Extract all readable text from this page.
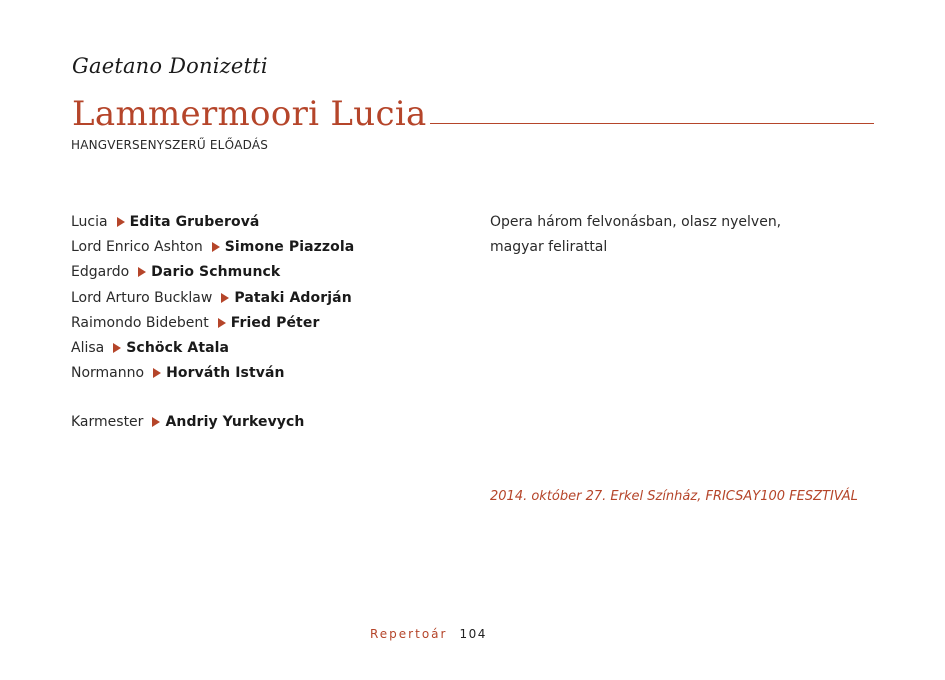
Gaetano Donizetti
Lammermoori Lucia
HANGVERSENYSZERŰ ELŐADÁS
Lucia Edita Gruberová
Lord Enrico Ashton Simone Piazzola
Edgardo Dario Schmunck
Lord Arturo Bucklaw Pataki Adorján
Raimondo Bidebent Fried Péter
Alisa Schöck Atala
Normanno Horváth István
Karmester Andriy Yurkevych
Opera három felvonásban, olasz nyelven,
magyar felirattal
2014. október 27. Erkel Színház, FRICSAY100 FESZTIVÁL
Repertoár 104
